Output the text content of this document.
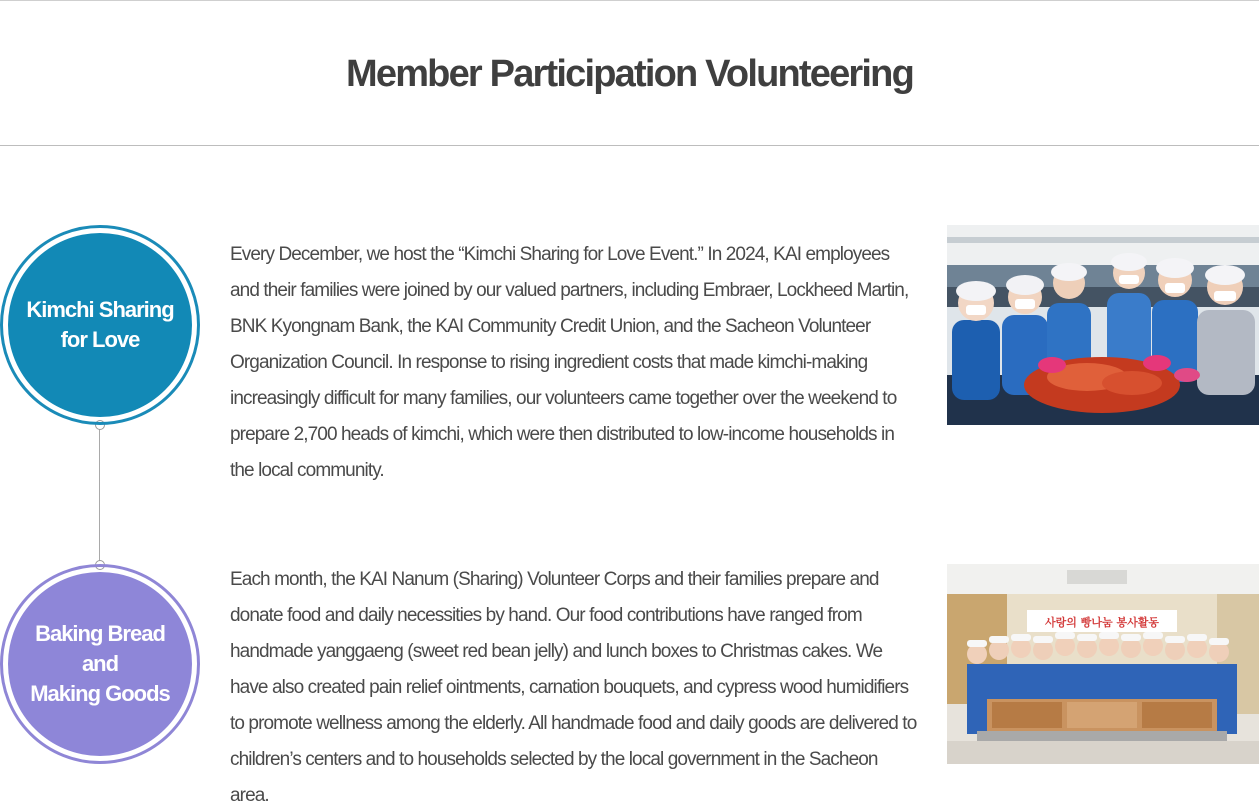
Member Participation Volunteering
Kimchi Sharing
for Love

Every December, we host the “Kimchi Sharing for Love Event.” In 2024, KAI employees and their families were joined by our valued partners, including Embraer, Lockheed Martin, BNK Kyongnam Bank, the KAI Community Credit Union, and the Sacheon Volunteer Organization Council. In response to rising ingredient costs that made kimchi-making increasingly difficult for many families, our volunteers came together over the weekend to prepare 2,700 heads of kimchi, which were then distributed to low-income households in the local community.

Baking Bread
and
Making Goods

Each month, the KAI Nanum (Sharing) Volunteer Corps and their families prepare and donate food and daily necessities by hand. Our food contributions have ranged from handmade yanggaeng (sweet red bean jelly) and lunch boxes to Christmas cakes. We have also created pain relief ointments, carnation bouquets, and cypress wood humidifiers to promote wellness among the elderly. All handmade food and daily goods are delivered to children’s centers and to households selected by the local government in the Sacheon area.

사랑의 빵나눔 봉사활동
